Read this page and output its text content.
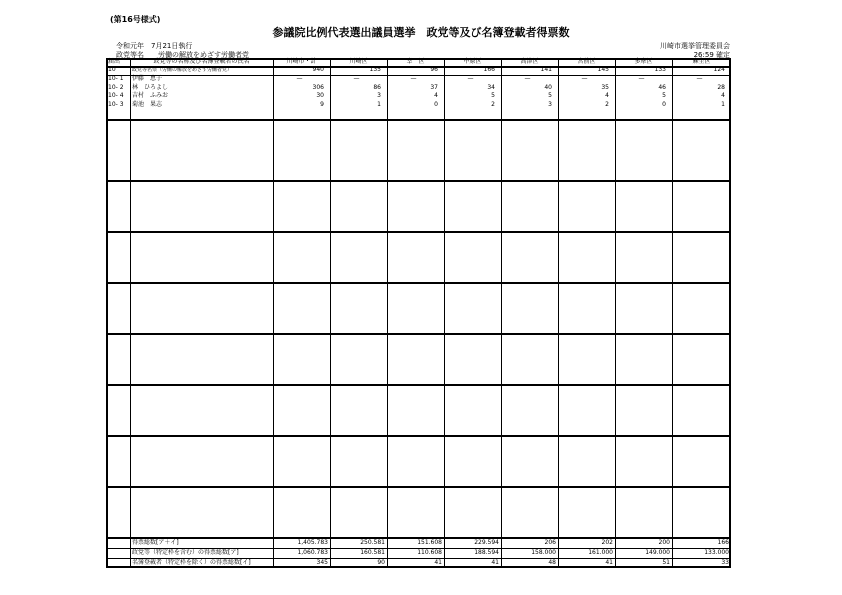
(第16号様式)
参議院比例代表選出議員選挙　政党等及び名簿登載者得票数
令和元年　7月21日執行
政党等名　　労働の解放をめざす労働者党
川崎市選挙管理委員会
26:59 確定
届出	政党等の名称及び名簿登載者の氏名	川崎市・計	川崎区	幸　区	中原区	高津区	宮前区	多摩区	麻生区
10	政党等名票（労働の解放をめざす労働者党）	940	135	96	166	141	145	133	124
10- 1	伊藤　恵子	—	—	—	—	—	—	—	—
10- 2	林　ひろよし	306	86	37	34	40	35	46	28
10- 4	吉村　ふみお	30	3	4	5	5	4	5	4
10- 3	菊池　果志	9	1	0	2	3	2	0	1
得票総数[ア＋イ]	1,405.783	250.581	151.608	229.594	206	202	200	166
政党等（特定枠を含む）の得票総数[ア]	1,060.783	160.581	110.608	188.594	158.000	161.000	149.000	133.000
名簿登載者（特定枠を除く）の得票総数[イ]	345	90	41	41	48	41	51	33
